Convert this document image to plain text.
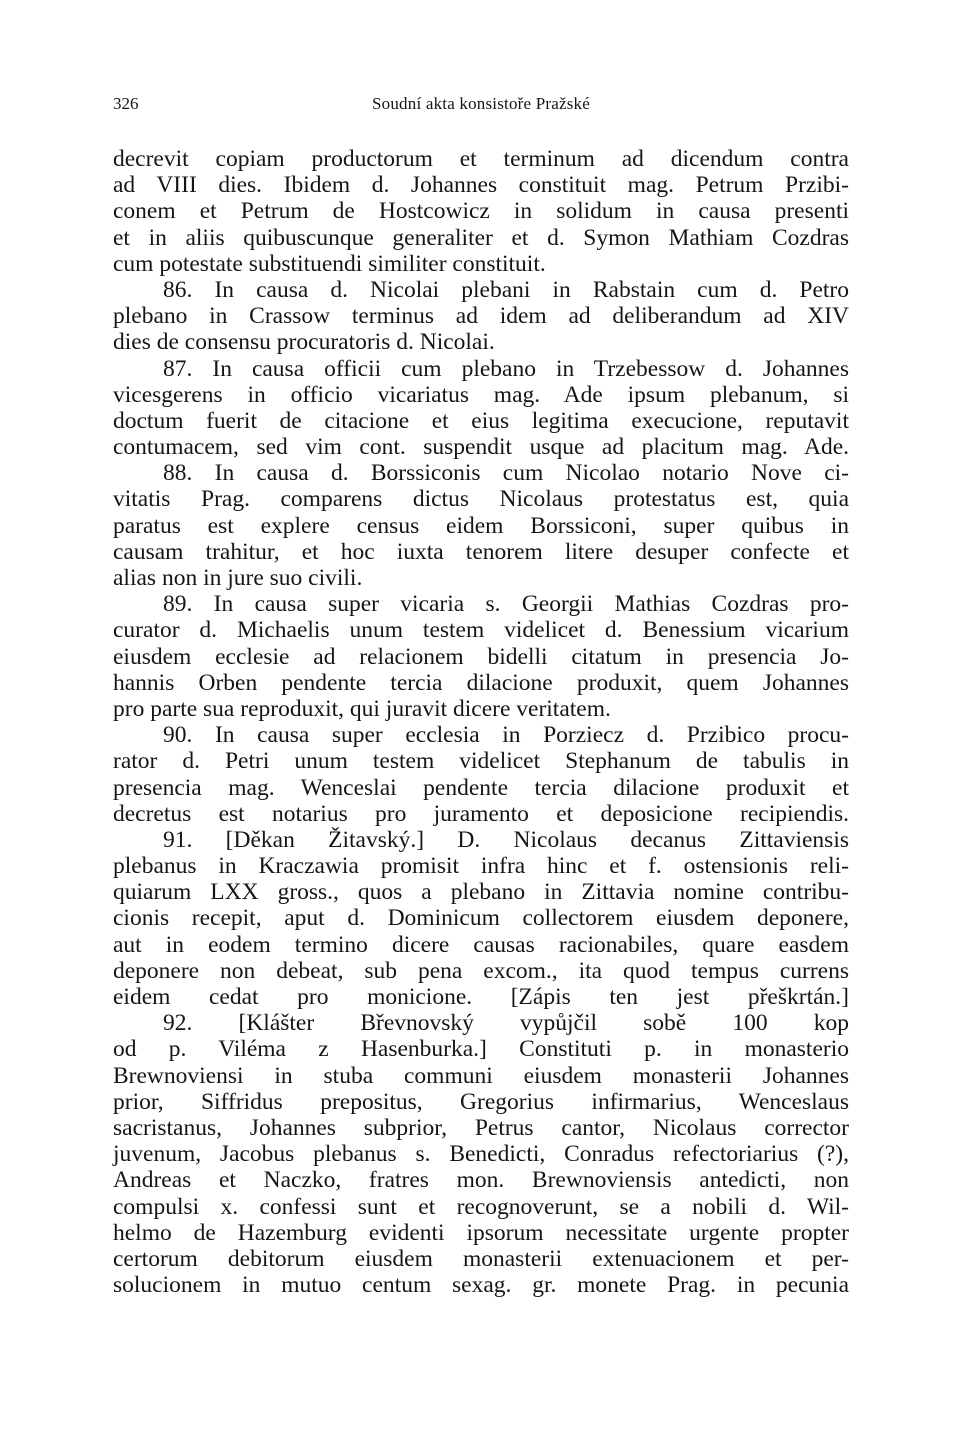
326	Soudní akta konsistoře Pražské
decrevit copiam productorum et terminum ad dicendum contra
ad VIII dies. Ibidem d. Johannes constituit mag. Petrum Przibi-
conem et Petrum de Hostcowicz in solidum in causa presenti
et in aliis quibuscunque generaliter et d. Symon Mathiam Cozdras
cum potestate substituendi similiter constituit.
86. In causa d. Nicolai plebani in Rabstain cum d. Petro
plebano in Crassow terminus ad idem ad deliberandum ad XIV
dies de consensu procuratoris d. Nicolai.
87. In causa officii cum plebano in Trzebessow d. Johannes
vicesgerens in officio vicariatus mag. Ade ipsum plebanum, si
doctum fuerit de citacione et eius legitima execucione, reputavit
contumacem, sed vim cont. suspendit usque ad placitum mag. Ade.
88. In causa d. Borssiconis cum Nicolao notario Nove ci-
vitatis Prag. comparens dictus Nicolaus protestatus est, quia
paratus est explere census eidem Borssiconi, super quibus in
causam trahitur, et hoc iuxta tenorem litere desuper confecte et
alias non in jure suo civili.
89. In causa super vicaria s. Georgii Mathias Cozdras pro-
curator d. Michaelis unum testem videlicet d. Benessium vicarium
eiusdem ecclesie ad relacionem bidelli citatum in presencia Jo-
hannis Orben pendente tercia dilacione produxit, quem Johannes
pro parte sua reproduxit, qui juravit dicere veritatem.
90. In causa super ecclesia in Porziecz d. Przibico procu-
rator d. Petri unum testem videlicet Stephanum de tabulis in
presencia mag. Wenceslai pendente tercia dilacione produxit et
decretus est notarius pro juramento et deposicione recipiendis.
91. [Děkan Žitavský.] D. Nicolaus decanus Zittaviensis
plebanus in Kraczawia promisit infra hinc et f. ostensionis reli-
quiarum LXX gross., quos a plebano in Zittavia nomine contribu-
cionis recepit, aput d. Dominicum collectorem eiusdem deponere,
aut in eodem termino dicere causas racionabiles, quare easdem
deponere non debeat, sub pena excom., ita quod tempus currens
eidem cedat pro monicione. [Zápis ten jest přeškrtán.]
92. [Klášter Břevnovský vypůjčil sobě 100 kop
od p. Viléma z Hasenburka.] Constituti p. in monasterio
Brewnoviensi in stuba communi eiusdem monasterii Johannes
prior, Siffridus prepositus, Gregorius infirmarius, Wenceslaus
sacristanus, Johannes subprior, Petrus cantor, Nicolaus corrector
juvenum, Jacobus plebanus s. Benedicti, Conradus refectoriarius (?),
Andreas et Naczko, fratres mon. Brewnoviensis antedicti, non
compulsi x. confessi sunt et recognoverunt, se a nobili d. Wil-
helmo de Hazemburg evidenti ipsorum necessitate urgente propter
certorum debitorum eiusdem monasterii extenuacionem et per-
solucionem in mutuo centum sexag. gr. monete Prag. in pecunia
